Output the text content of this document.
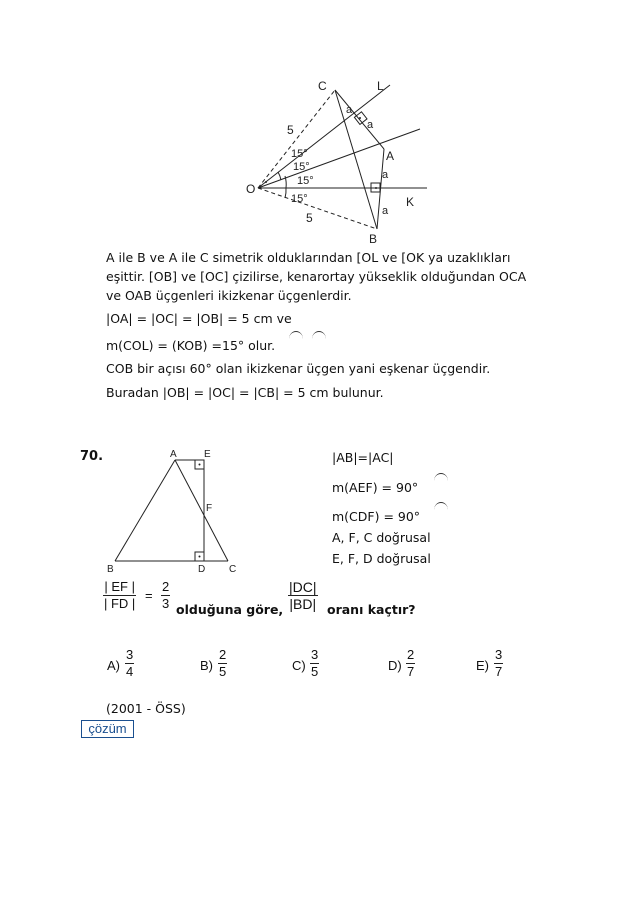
C	L
A
O
K
B
a
a
a
a
5
5
15°
15°
15°
15°
A ile B ve A ile C simetrik olduklarından [OL ve [OK ya uzaklıkları
eşittir. [OB] ve [OC] çizilirse, kenarortay yükseklik olduğundan OCA
ve OAB üçgenleri ikizkenar üçgenlerdir.
|OA| = |OC| = |OB| = 5 cm ve
m(COL) = (KOB) =15° olur.
COB bir açısı 60° olan ikizkenar üçgen yani eşkenar üçgendir.
Buradan |OB| = |OC| = |CB| = 5 cm bulunur.
70.	A	E
F
B	D C
|AB|=|AC|
m(AEF) = 90°
m(CDF) = 90°
A, F, C doğrusal
E, F, D doğrusal
| EF |
| FD |
=
2
3 olduğuna göre,
|DC|
|BD| oranı kaçtır?
A)
3
4	B)
2
5	C)
3
5	D)
2
7	E)
3
7
(2001 - ÖSS)
çözüm
